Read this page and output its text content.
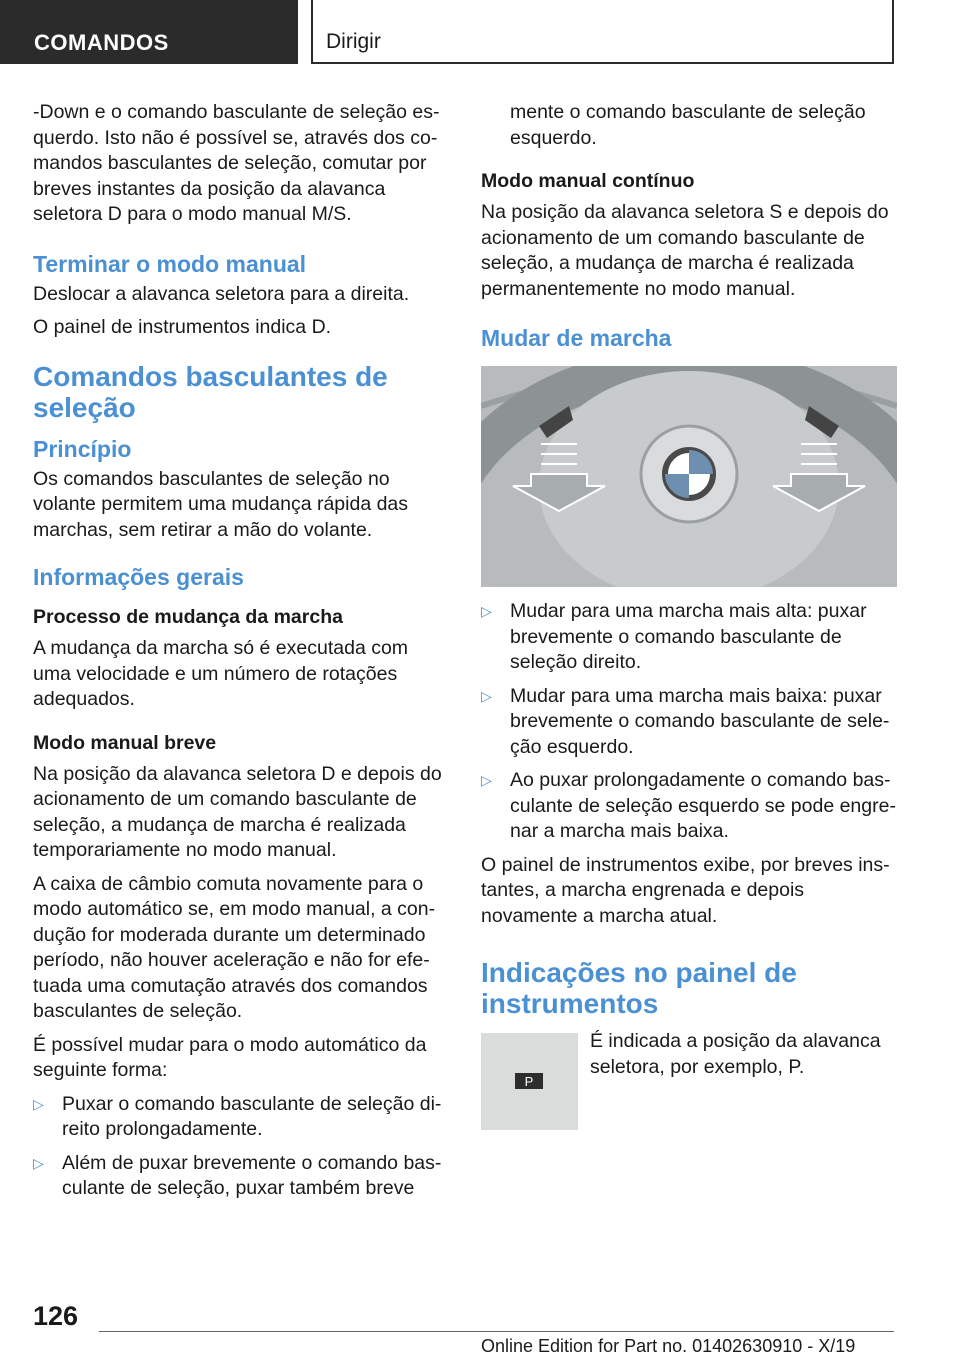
COMANDOS	Dirigir

-Down e o comando basculante de seleção esquerdo. Isto não é possível se, através dos comandos basculantes de seleção, comutar por breves instantes da posição da alavanca seletora D para o modo manual M/S.

Terminar o modo manual

Deslocar a alavanca seletora para a direita.

O painel de instrumentos indica D.

Comandos basculantes de seleção
Princípio

Os comandos basculantes de seleção no volante permitem uma mudança rápida das marchas, sem retirar a mão do volante.

Informações gerais
Processo de mudança da marcha

A mudança da marcha só é executada com uma velocidade e um número de rotações adequados.

Modo manual breve

Na posição da alavanca seletora D e depois do acionamento de um comando basculante de seleção, a mudança de marcha é realizada temporariamente no modo manual.

A caixa de câmbio comuta novamente para o modo automático se, em modo manual, a condução for moderada durante um determinado período, não houver aceleração e não for efetuada uma comutação através dos comandos basculantes de seleção.

É possível mudar para o modo automático da seguinte forma:

▷ Puxar o comando basculante de seleção direito prolongadamente.
▷ Além de puxar brevemente o comando basculante de seleção, puxar também breve

mente o comando basculante de seleção esquerdo.

Modo manual contínuo

Na posição da alavanca seletora S e depois do acionamento de um comando basculante de seleção, a mudança de marcha é realizada permanentemente no modo manual.

Mudar de marcha
▷ Mudar para uma marcha mais alta: puxar brevemente o comando basculante de seleção direito.
▷ Mudar para uma marcha mais baixa: puxar brevemente o comando basculante de seleção esquerdo.
▷ Ao puxar prolongadamente o comando basculante de seleção esquerdo se pode engrenar a marcha mais baixa.

O painel de instrumentos exibe, por breves instantes, a marcha engrenada e depois novamente a marcha atual.

Indicações no painel de instrumentos
P

É indicada a posição da alavanca seletora, por exemplo, P.

126
Online Edition for Part no. 01402630910 - X/19
